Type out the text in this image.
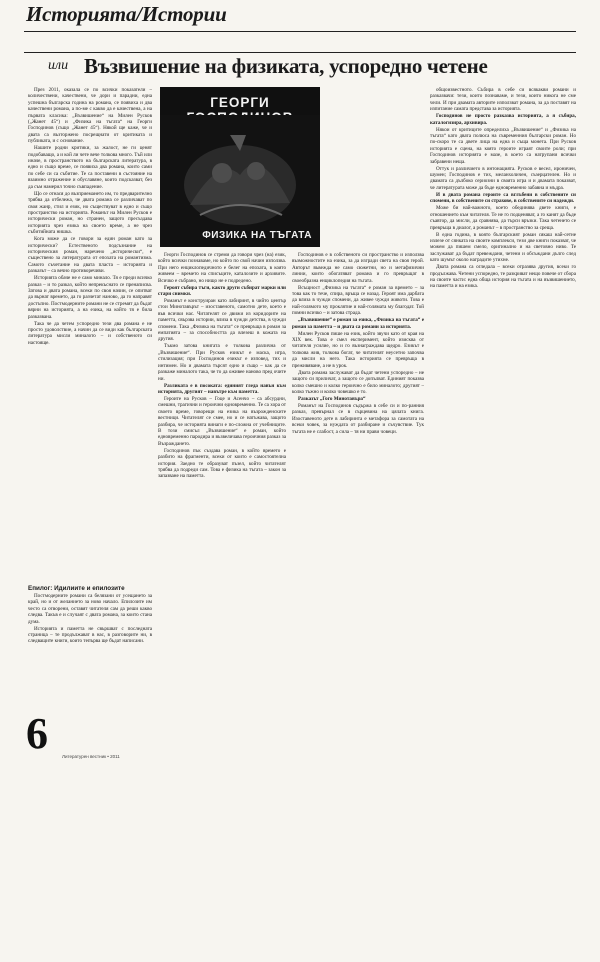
Историята/Истории
или Възвишение на физиката, успоредно четене

През 2011, оказала се по всички показатели – количествени, качествени, че дори и парадни, една успешна българска година на романа, се появиха и два качествени романа, а по-ме с какво да е качествена, а на първата класика: „Възвишение“ на Милен Русков („Жанет 45“) и „Физика на тъгата“ на Георги Господинов (също „Жанет 45“). Някой ще каже, че и двата са възторжено посрещнати от критиката и публиката, и с основание.

Нашите родни критики, за жалост, не ги ценят подобаващо, а и кой ли чете вече толкова много. Тъй или иначе, в пространството на българската литература, в едно и също време, се появиха два романа, които сами по себе си са събитие. Те са поставени в състояние на взаимно отражение и обуславяне, които подсказват, без да съм намерил точно съвпадение.

Що се отнася до възприемането им, то предварително трябва да отбележа, че двата романа се различават по своя жанр, стил и език, но съществуват в едно и също пространство на историята. Романът на Милен Русков е исторически роман, но странен, защото пресъздава историята чрез езика на своето време, а не чрез събитийната нишка.

Кога може да се говори за един роман като за исторически? Естественото подсъзнание на историческия роман, наречено „исторически“, е съществено за литературата от епохата на романтизма. Самото съчетание на двата пласта – историята и разказът – са вечно противоречиви.

Историята обаче не е само минало. Тя е преди всичко разказ – и то разказ, който непрекъснато се пренаписва. Затова и двата романа, всеки по своя начин, се опитват да върнат времето, да го разчетат наново, да го направят достъпно. Постмодерните романи не се стремят да бъдат вярни на историята, а на езика, на който тя е била разказвана.

Така че да четем успоредно тези два романа е не просто удоволствие, а начин да се види как българската литература мисли миналото – и собственото си настояще.

ГЕОРГИ
ФИЗИКА НА ТЪГАТА

Георги Господинов се стреми да говори чрез (на) език, който всички познаваме, но който по свой начин използва. При него енциклопедичното е белег на епохата, в която живеем – времето на списъците, каталозите и архивите. Всичко е събрано, но нищо не е подредено.

Героят събира тъги, както други събират марки или стари снимки.

Романът е конструиран като лабиринт, в чийто център стои Минотавърът – изоставеното, самотно дете, което е във всички нас. Читателят се движи из коридорите на паметта, свързва истории, влиза в чужди детства, в чужди спомени. Така „Физика на тъгата“ се превръща в роман за емпатията – за способността да влезеш в кожата на другия.

Тъкмо затова книгата е толкова различна от „Възвишение“. При Русков езикът е маска, игра, стилизация; при Господинов езикът е изповед, тих и интимен. Но и двамата търсят едно и също – как да се разкаже миналото така, че то да оживее наново пред очите ни.

Разликата е в посоката: единият гледа навън към историята, другият – навътре към паметта.

Героите на Русков – Гоце и Асенчо – са абсурдни, смешни, трагични и героични едновременно. Те са хора от своето време, говорещи на езика на възрожденските вестници. Читателят се смее, но и се натъжава, защото разбира, че историята винаги е по-сложна от учебниците. В този смисъл „Възвишение“ е роман, който едновременно пародира и възвеличава героичния разказ за Възраждането.

Господинов пък създава роман, в който времето е разбито на фрагменти, всеки от които е самостоятелна история. Заедно те образуват пъзел, който читателят трябва да подреди сам. Това е физика на тъгата – закон за запазване на паметта.

Господинов е в собственото си пространство и използва възможностите на езика, за да изгради света на своя герой. Авторът въвежда не само сюжетни, но и метафизични линии, които обогатяват романа и го превръщат в своеобразна енциклопедия на тъгата.

Всъщност „Физика на тъгата“ е роман за времето – за това как то тече, спира, връща се назад. Героят има дарбата да влиза в чужди спомени, да живее чужди животи. Това е най-голямото му проклятие и най-голямата му благодат. Той помни всичко – и затова страда.

„Възвишение“ е роман за езика, „Физика на тъгата“ е роман за паметта – и двата са романи за историята.

Милен Русков пише на език, който звучи като от края на XIX век. Това е смел експеримент, който изисква от читателя усилие, но и го възнаграждава щедро. Езикът е толкова жив, толкова богат, че читателят неусетно започва да мисли на него. Така историята се превръща в преживяване, а не в урок.

Двата романа заслужават да бъдат четени успоредно – не защото си приличат, а защото се допълват. Единият показва колко смешно и колко героично е било миналото; другият – колко тъжно и колко човешко е то.

Разказът „Гого Минотавъра“

Романът на Господинов съдържа в себе си и по-ранния разказ, превърнал се в сърцевина на цялата книга. Изоставеното дете в лабиринта е метафора за самотата на всеки човек, за нуждата от разбиране и съчувствие. Тук тъгата не е слабост, а сила – тя ни прави човеци.

общоизвестното. Събира в себе си всякакви романи и разказвачи: тези, които познаваме, и тези, които никога не сме чели. И при двамата авторите използват романа, за да поставят на изпитание самата представа за историята.

Господинов не просто разказва историята, а я събира, каталогизира, архивира.

Някои от критиците определиха „Възвишение“ и „Физика на тъгата“ като двата полюса на съвременния български роман. Но по-скоро те са двете лица на една и съща монета. При Русков историята е сцена, на която героите играят своите роли; при Господинов историята е мазе, в което са натрупани всички забравени неща.

Оттук и различието в интонацията. Русков е весел, ироничен, шумен; Господинов е тих, меланхоличен, съзерцателен. Но и двамата са дълбоко сериозни в своята игра и и двамата показват, че литературата може да бъде едновременно забавна и мъдра.

И в двата романа героите са вглъбени в собствените си спомени, в собствените си страхове, в собствените си надежди.

Може би най-важното, което обединява двете книги, е отношението към читателя. Те не го подценяват, а го канят да бъде съавтор, да мисли, да сравнява, да търси връзки. Така четенето се превръща в диалог, а романът – в пространство за среща.

В една година, в която българският роман сякаш най-сетне излезе от сянката на своите комплекси, тези две книги показват, че можем да пишем смело, оригинално и на световно ниво. Те заслужават да бъдат превеждани, четени и обсъждани дълго след като шумът около наградите утихне.

Двата романа са огледала – всеки отразява другия, всеки го продължава. Четени успоредно, те разкриват нещо повече от сбора на своите части: една обща история на тъгата и на възвишението, на паметта и на езика.

Епилог: Идилиите и епилозите

Постмодерните романи са белязани от усещането за край, но и от желанието за ново начало. Епилозите им често са отворени, оставят читателя сам да реши какво следва. Такъв е и случаят с двата романа, за които стана дума.

Историята и паметта не свършват с последната страница – те продължават в нас, в разговорите ни, в следващите книги, които тепърва ще бъдат написани.

6	Литературен вестник • 2011
